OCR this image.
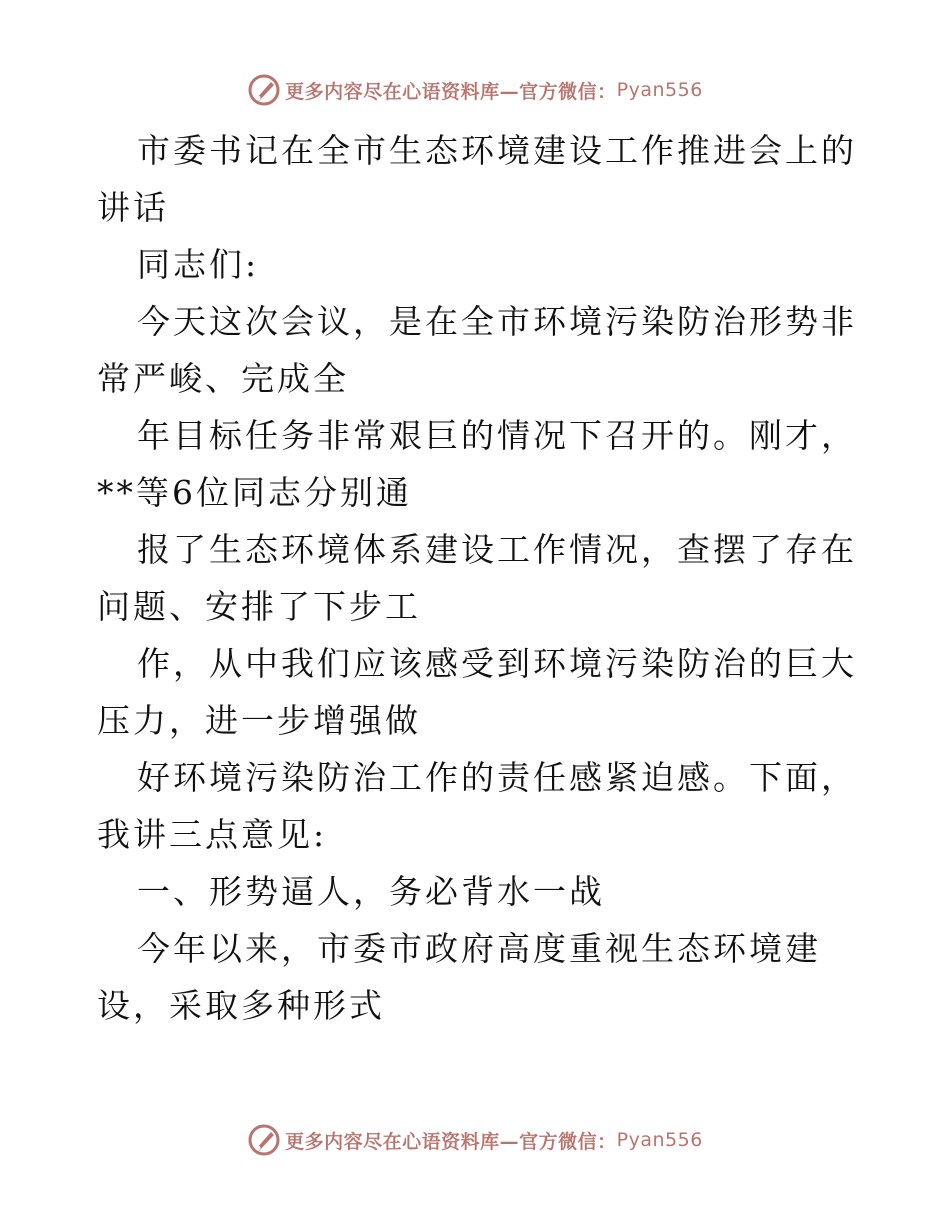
更多内容尽在心语资料库—官方微信： Pyan556

市委书记在全市生态环境建设工作推进会上的讲话

同志们:

今天这次会议，是在全市环境污染防治形势非常严峻、完成全

年目标任务非常艰巨的情况下召开的。刚才，**等6位同志分别通

报了生态环境体系建设工作情况，查摆了存在问题、安排了下步工

作，从中我们应该感受到环境污染防治的巨大压力，进一步增强做

好环境污染防治工作的责任感紧迫感。下面，我讲三点意见:

一、形势逼人，务必背水一战

今年以来，市委市政府高度重视生态环境建设，采取多种形式

更多内容尽在心语资料库—官方微信： Pyan556
